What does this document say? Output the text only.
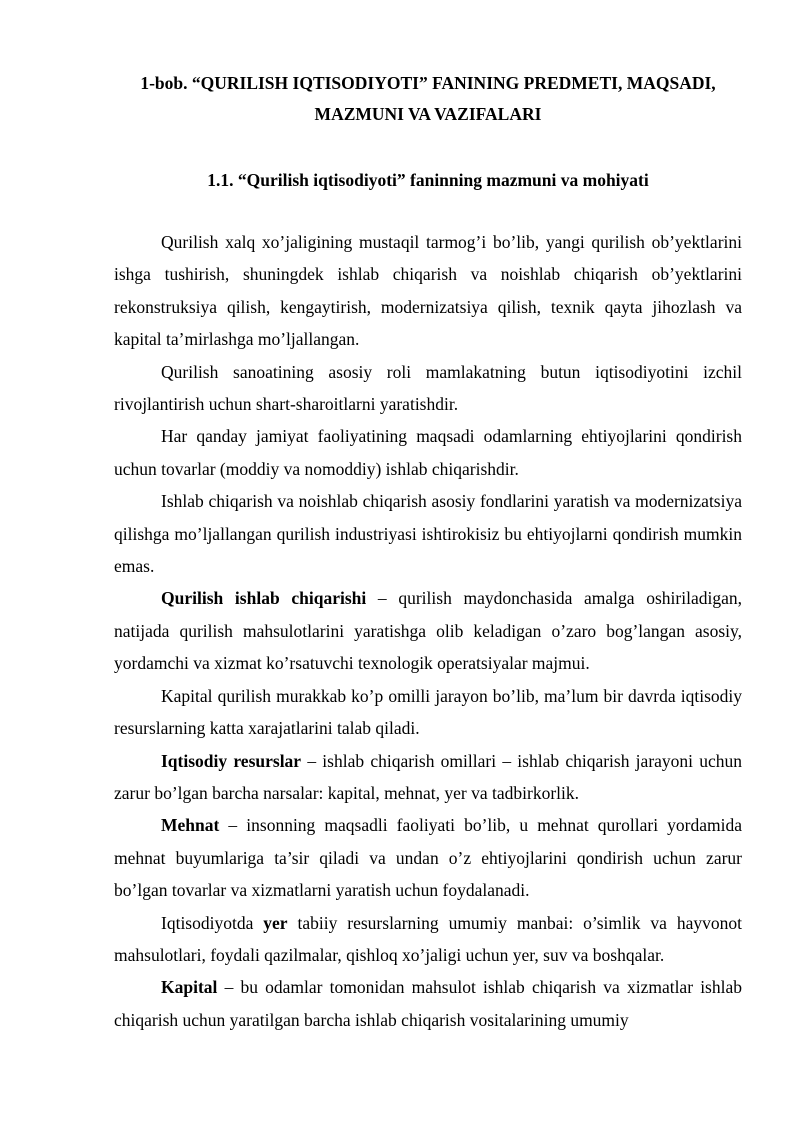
1-bob. “QURILISH IQTISODIYOTI” FANINING PREDMETI, MAQSADI, MAZMUNI VA VAZIFALARI
1.1. “Qurilish iqtisodiyoti” faninning mazmuni va mohiyati

Qurilish xalq xo’jaligining mustaqil tarmog’i bo’lib, yangi qurilish ob’yektlarini ishga tushirish, shuningdek ishlab chiqarish va noishlab chiqarish ob’yektlarini rekonstruksiya qilish, kengaytirish, modernizatsiya qilish, texnik qayta jihozlash va kapital ta’mirlashga mo’ljallangan.

Qurilish sanoatining asosiy roli mamlakatning butun iqtisodiyotini izchil rivojlantirish uchun shart-sharoitlarni yaratishdir.

Har qanday jamiyat faoliyatining maqsadi odamlarning ehtiyojlarini qondirish uchun tovarlar (moddiy va nomoddiy) ishlab chiqarishdir.

Ishlab chiqarish va noishlab chiqarish asosiy fondlarini yaratish va modernizatsiya qilishga mo’ljallangan qurilish industriyasi ishtirokisiz bu ehtiyojlarni qondirish mumkin emas.

Qurilish ishlab chiqarishi – qurilish maydonchasida amalga oshiriladigan, natijada qurilish mahsulotlarini yaratishga olib keladigan o’zaro bog’langan asosiy, yordamchi va xizmat ko’rsatuvchi texnologik operatsiyalar majmui.

Kapital qurilish murakkab ko’p omilli jarayon bo’lib, ma’lum bir davrda iqtisodiy resurslarning katta xarajatlarini talab qiladi.

Iqtisodiy resurslar – ishlab chiqarish omillari – ishlab chiqarish jarayoni uchun zarur bo’lgan barcha narsalar: kapital, mehnat, yer va tadbirkorlik.

Mehnat – insonning maqsadli faoliyati bo’lib, u mehnat qurollari yordamida mehnat buyumlariga ta’sir qiladi va undan o’z ehtiyojlarini qondirish uchun zarur bo’lgan tovarlar va xizmatlarni yaratish uchun foydalanadi.

Iqtisodiyotda yer tabiiy resurslarning umumiy manbai: o’simlik va hayvonot mahsulotlari, foydali qazilmalar, qishloq xo’jaligi uchun yer, suv va boshqalar.

Kapital – bu odamlar tomonidan mahsulot ishlab chiqarish va xizmatlar ishlab chiqarish uchun yaratilgan barcha ishlab chiqarish vositalarining umumiy
